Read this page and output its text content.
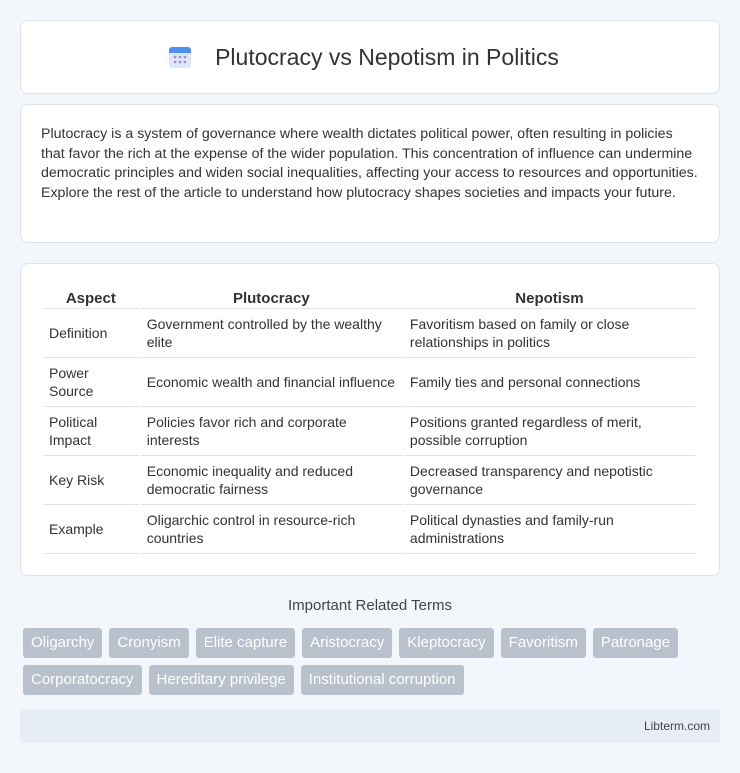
Plutocracy vs Nepotism in Politics

Plutocracy is a system of governance where wealth dictates political power, often resulting in policies that favor the rich at the expense of the wider population. This concentration of influence can undermine democratic principles and widen social inequalities, affecting your access to resources and opportunities. Explore the rest of the article to understand how plutocracy shapes societies and impacts your future.

Aspect	Plutocracy	Nepotism
Definition	Government controlled by the wealthy elite	Favoritism based on family or close relationships in politics
Power Source	Economic wealth and financial influence	Family ties and personal connections
Political Impact	Policies favor rich and corporate interests	Positions granted regardless of merit, possible corruption
Key Risk	Economic inequality and reduced democratic fairness	Decreased transparency and nepotistic governance
Example	Oligarchic control in resource-rich countries	Political dynasties and family-run administrations
Important Related Terms
Oligarchy	Cronyism	Elite capture	Aristocracy	Kleptocracy	Favoritism	Patronage
Corporatocracy	Hereditary privilege	Institutional corruption
Libterm.com
